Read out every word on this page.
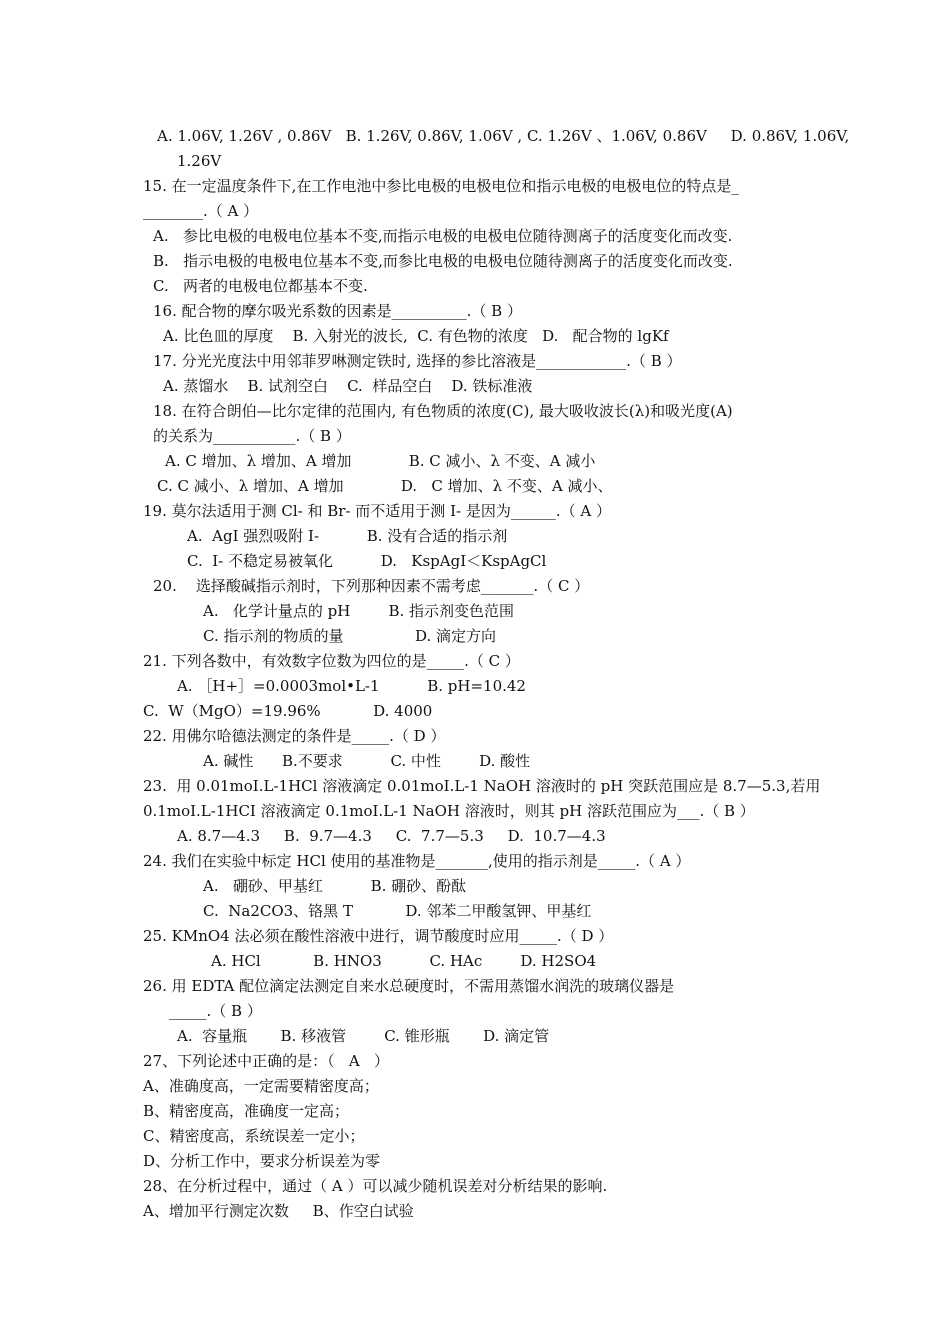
A. 1.06V, 1.26V , 0.86V   B. 1.26V, 0.86V, 1.06V , C. 1.26V 、1.06V, 0.86V     D. 0.86V, 1.06V,
1.26V
15. 在一定温度条件下,在工作电池中参比电极的电极电位和指示电极的电极电位的特点是_
________.（ A ）
A.   参比电极的电极电位基本不变,而指示电极的电极电位随待测离子的活度变化而改变.
B.   指示电极的电极电位基本不变,而参比电极的电极电位随待测离子的活度变化而改变.
C.   两者的电极电位都基本不变.
16. 配合物的摩尔吸光系数的因素是__________.（ B ）
A. 比色皿的厚度    B. 入射光的波长,  C. 有色物的浓度   D.   配合物的 lgKf
17. 分光光度法中用邻菲罗啉测定铁时, 选择的参比溶液是____________.（ B ）
A. 蒸馏水    B. 试剂空白    C.  样品空白    D. 铁标准液
18. 在符合朗伯—比尔定律的范围内, 有色物质的浓度(C), 最大吸收波长(λ)和吸光度(A)
的关系为___________.（ B ）
A. C 增加、λ 增加、A 增加            B. C 减小、λ 不变、A 减小
C. C 减小、λ 增加、A 增加            D.   C 增加、λ 不变、A 减小、
19. 莫尔法适用于测 Cl- 和 Br- 而不适用于测 I- 是因为______.（ A ）
A.  AgI 强烈吸附 I-          B. 没有合适的指示剂
C.  I- 不稳定易被氧化          D.   KspAgI＜KspAgCl
20.    选择酸碱指示剂时，下列那种因素不需考虑_______.（ C ）
A.   化学计量点的 pH        B. 指示剂变色范围
C. 指示剂的物质的量               D. 滴定方向
21. 下列各数中，有效数字位数为四位的是_____.（ C ）
A. ［H+］=0.0003mol•L-1          B. pH=10.42
C.  W（MgO）=19.96%           D. 4000
22. 用佛尔哈德法测定的条件是_____.（ D ）
A. 碱性      B.不要求          C. 中性        D. 酸性
23.  用 0.01moI.L-1HCl 溶液滴定 0.01moI.L-1 NaOH 溶液时的 pH 突跃范围应是 8.7—5.3,若用
0.1moI.L-1HCI 溶液滴定 0.1moI.L-1 NaOH 溶液时，则其 pH 溶跃范围应为___.（ B ）
A. 8.7—4.3     B.  9.7—4.3     C.  7.7—5.3     D.  10.7—4.3
24. 我们在实验中标定 HCl 使用的基准物是_______,使用的指示剂是_____.（ A ）
A.   硼砂、甲基红          B. 硼砂、酚酞
C.  Na2CO3、铬黑 T           D. 邻苯二甲酸氢钾、甲基红
25. KMnO4 法必须在酸性溶液中进行，调节酸度时应用_____.（ D ）
A. HCl           B. HNO3          C. HAc        D. H2SO4
26. 用 EDTA 配位滴定法测定自来水总硬度时，不需用蒸馏水润洗的玻璃仪器是
_____.（ B ）
A.  容量瓶       B. 移液管        C. 锥形瓶       D. 滴定管
27、下列论述中正确的是：（   A   ）
A、准确度高，一定需要精密度高；
B、精密度高，准确度一定高；
C、精密度高，系统误差一定小；
D、分析工作中，要求分析误差为零
28、在分析过程中，通过（ A ）可以减少随机误差对分析结果的影响.
A、增加平行测定次数     B、作空白试验
